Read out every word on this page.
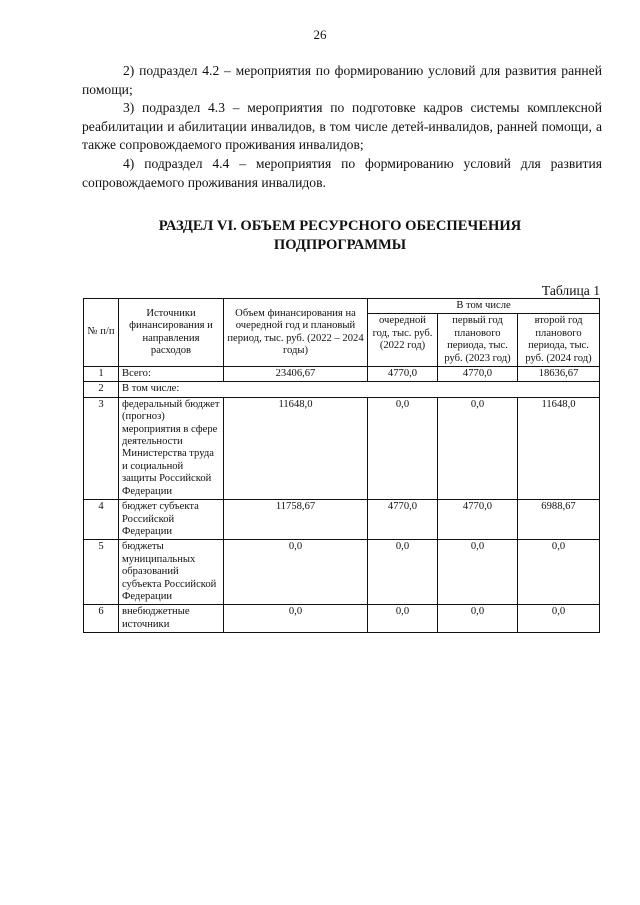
26

2) подраздел 4.2 – мероприятия по формированию условий для развития ранней помощи;

3) подраздел 4.3 – мероприятия по подготовке кадров системы комплексной реабилитации и абилитации инвалидов, в том числе детей-инвалидов, ранней помощи, а также сопровождаемого проживания инвалидов;

4) подраздел 4.4 – мероприятия по формированию условий для развития сопровождаемого проживания инвалидов.

РАЗДЕЛ VI. ОБЪЕМ РЕСУРСНОГО ОБЕСПЕЧЕНИЯ
ПОДПРОГРАММЫ
Таблица 1
№ п/п	Источники финансирования и направления расходов	Объем финансирования на очередной год и плановый период, тыс. руб. (2022 – 2024 годы)	В том числе		
			очередной год, тыс. руб. (2022 год)	первый год планового периода, тыс. руб. (2023 год)	второй год планового периода, тыс. руб. (2024 год)
1	Всего:	23406,67	4770,0	4770,0	18636,67
2	В том числе:				
3	федеральный бюджет (прогноз) мероприятия в сфере деятельности Министерства труда и социальной защиты Российской Федерации	11648,0	0,0	0,0	11648,0
4	бюджет субъекта Российской Федерации	11758,67	4770,0	4770,0	6988,67
5	бюджеты муниципальных образований субъекта Российской Федерации	0,0	0,0	0,0	0,0
6	внебюджетные источники	0,0	0,0	0,0	0,0
